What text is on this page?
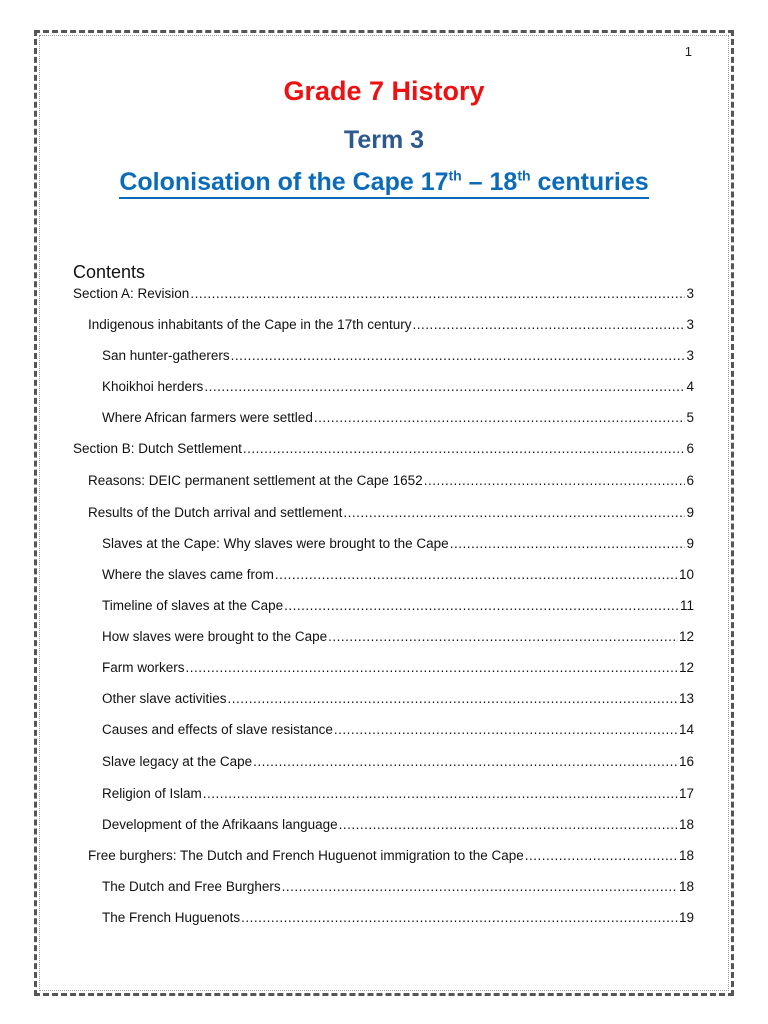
1
Grade 7 History
Term 3
Colonisation of the Cape 17th – 18th centuries
Contents
Section A: Revision .....	3
Indigenous inhabitants of the Cape in the 17th century .....	3
San hunter-gatherers .....	3
Khoikhoi herders .....	4
Where African farmers were settled .....	5
Section B: Dutch Settlement .....	6
Reasons: DEIC permanent settlement at the Cape 1652 .....	6
Results of the Dutch arrival and settlement .....	9
Slaves at the Cape: Why slaves were brought to the Cape .....	9
Where the slaves came from .....	10
Timeline of slaves at the Cape .....	11
How slaves were brought to the Cape .....	12
Farm workers .....	12
Other slave activities .....	13
Causes and effects of slave resistance .....	14
Slave legacy at the Cape .....	16
Religion of Islam .....	17
Development of the Afrikaans language .....	18
Free burghers: The Dutch and French Huguenot immigration to the Cape .....	18
The Dutch and Free Burghers .....	18
The French Huguenots .....	19
